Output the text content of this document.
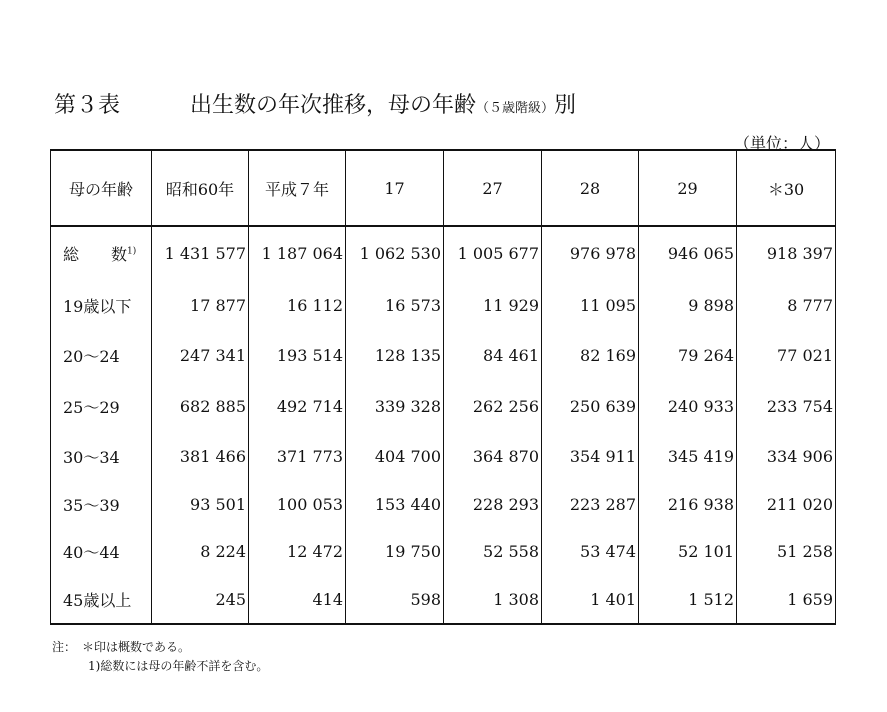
第３表	出生数の年次推移，母の年齢（５歳階級）別
（単位：人）
母の年齢	昭和60年	平成７年	17	27	28	29	＊30
総　　数$^{1)}$	1 431 577	1 187 064	1 062 530	1 005 677	976 978	946 065	918 397
19歳以下	17 877	16 112	16 573	11 929	11 095	9 898	8 777
20～24	247 341	193 514	128 135	84 461	82 169	79 264	77 021
25～29	682 885	492 714	339 328	262 256	250 639	240 933	233 754
30～34	381 466	371 773	404 700	364 870	354 911	345 419	334 906
35～39	93 501	100 053	153 440	228 293	223 287	216 938	211 020
40～44	8 224	12 472	19 750	52 558	53 474	52 101	51 258
45歳以上	245	414	598	1 308	1 401	1 512	1 659
注：　＊印は概数である。
1)総数には母の年齢不詳を含む。
